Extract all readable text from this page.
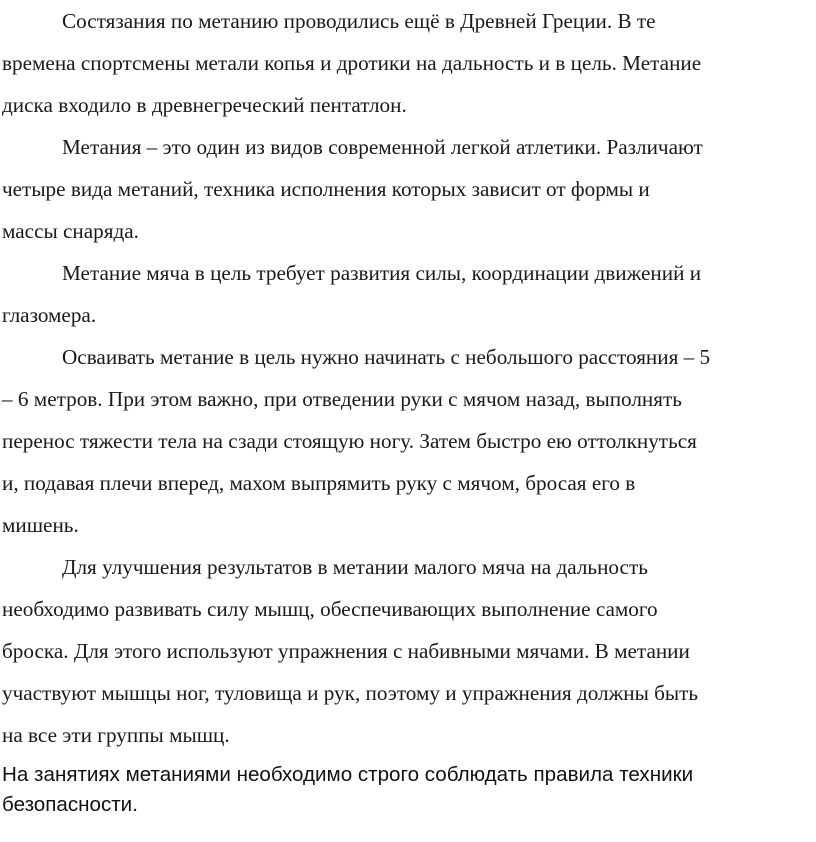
Состязания по метанию проводились ещё в Древней Греции. В те
времена спортсмены метали копья и дротики на дальность и в цель. Метание
диска входило в древнегреческий пентатлон.

Метания – это один из видов современной легкой атлетики. Различают
четыре вида метаний, техника исполнения которых зависит от формы и
массы снаряда.

Метание мяча в цель требует развития силы, координации движений и
глазомера.

Осваивать метание в цель нужно начинать с небольшого расстояния – 5
– 6 метров. При этом важно, при отведении руки с мячом назад, выполнять
перенос тяжести тела на сзади стоящую ногу. Затем быстро ею оттолкнуться
и, подавая плечи вперед, махом выпрямить руку с мячом, бросая его в
мишень.

Для улучшения результатов в метании малого мяча на дальность
необходимо развивать силу мышц, обеспечивающих выполнение самого
броска. Для этого используют упражнения с набивными мячами. В метании
участвуют мышцы ног, туловища и рук, поэтому и упражнения должны быть
на все эти группы мышц.

На занятиях метаниями необходимо строго соблюдать правила техники
безопасности.
